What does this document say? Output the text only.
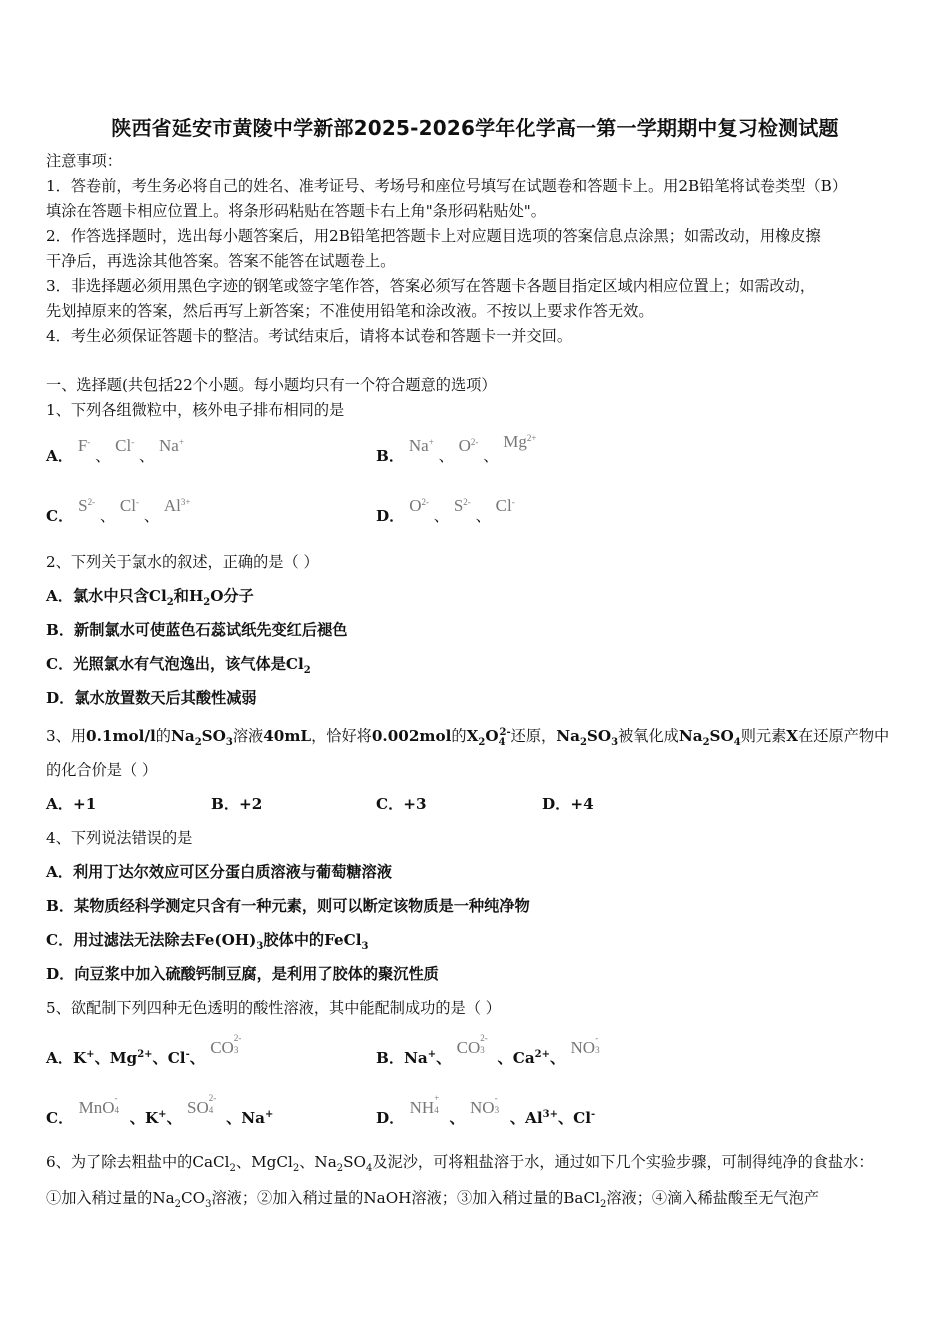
陕西省延安市黄陵中学新部2025-2026学年化学高一第一学期期中复习检测试题
注意事项：
1．答卷前，考生务必将自己的姓名、准考证号、考场号和座位号填写在试题卷和答题卡上。用2B铅笔将试卷类型（B）
填涂在答题卡相应位置上。将条形码粘贴在答题卡右上角"条形码粘贴处"。
2．作答选择题时，选出每小题答案后，用2B铅笔把答题卡上对应题目选项的答案信息点涂黑；如需改动，用橡皮擦
干净后，再选涂其他答案。答案不能答在试题卷上。
3．非选择题必须用黑色字迹的钢笔或签字笔作答，答案必须写在答题卡各题目指定区域内相应位置上；如需改动，
先划掉原来的答案，然后再写上新答案；不准使用铅笔和涂改液。不按以上要求作答无效。
4．考生必须保证答题卡的整洁。考试结束后，请将本试卷和答题卡一并交回。
一、选择题(共包括22个小题。每小题均只有一个符合题意的选项）
1、下列各组微粒中，核外电子排布相同的是
A． F- 、 Cl- 、 Na+
B． Na+ 、 $O^{2-}$ 、 $Mg^{2+}$
C． $S^{2-}$ 、 Cl- 、 $Al^{3+}$
D． $O^{2-}$ 、 $S^{2-}$ 、 Cl-
2、下列关于氯水的叙述，正确的是（ ）
A．氯水中只含$Cl_2$和$H_2O$分子
B．新制氯水可使蓝色石蕊试纸先变红后褪色
C．光照氯水有气泡逸出，该气体是$Cl_2$
D．氯水放置数天后其酸性减弱
3、用0.1mol/l的$Na_2SO_3$溶液40mL，恰好将0.002mol的$X_2O_4^{2-}$还原，$Na_2SO_3$被氧化成$Na_2SO_4$则元素X在还原产物中
的化合价是（ ）
A．+1	B．+2	C．+3	D．+4
4、下列说法错误的是
A．利用丁达尔效应可区分蛋白质溶液与葡萄糖溶液
B．某物质经科学测定只含有一种元素，则可以断定该物质是一种纯净物
C．用过滤法无法除去$Fe(OH)_3$胶体中的FeCl$_3$
D．向豆浆中加入硫酸钙制豆腐，是利用了胶体的聚沉性质
5、欲配制下列四种无色透明的酸性溶液，其中能配制成功的是（ ）
A．K+、$Mg^{2+}$、Cl-、 CO 2-
3	B．Na+、 CO 2-
3 、$Ca^{2+}$、 NO -
3
C． MnO -
4 、K+、 SO 2-
4 、Na+	D． NH +
4 、 NO -
3 、$Al^{3+}$、Cl-
6、为了除去粗盐中的CaCl$_2$、MgCl$_2$、$Na_2SO_4$及泥沙，可将粗盐溶于水，通过如下几个实验步骤，可制得纯净的食盐水：
①加入稍过量的$Na_2CO_3$溶液；②加入稍过量的NaOH溶液；③加入稍过量的BaCl$_2$溶液；④滴入稀盐酸至无气泡产
